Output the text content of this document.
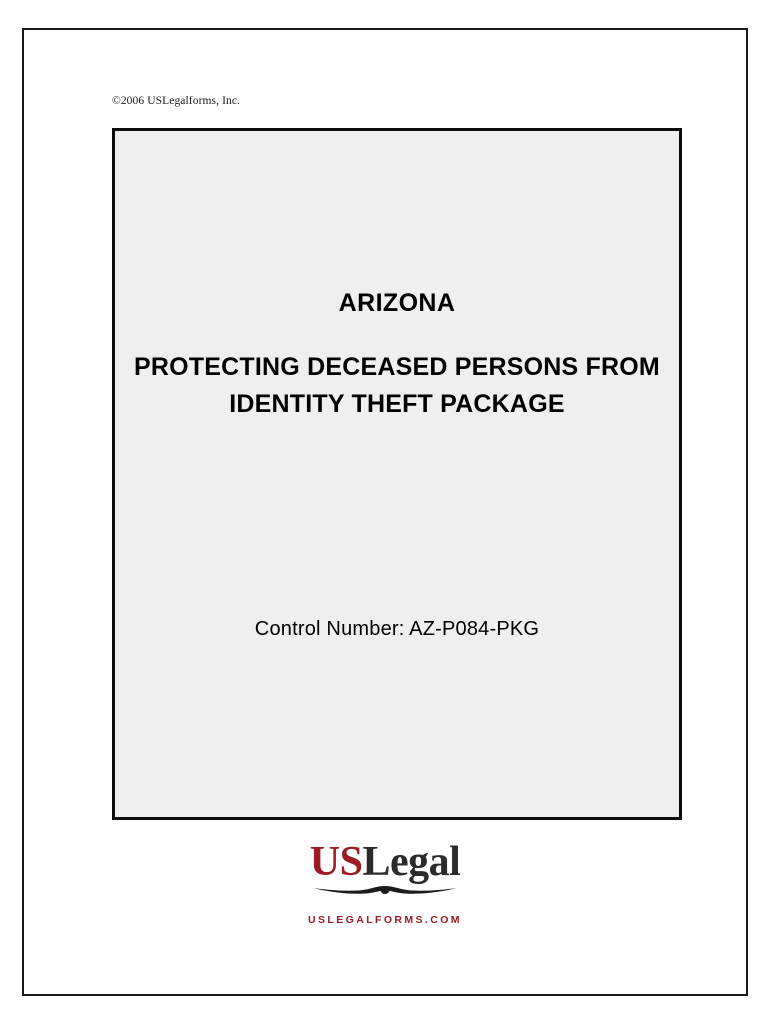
©2006 USLegalforms, Inc.
ARIZONA
PROTECTING DECEASED PERSONS FROM IDENTITY THEFT PACKAGE
Control Number: AZ-P084-PKG
USLegal
USLEGALFORMS.COM
